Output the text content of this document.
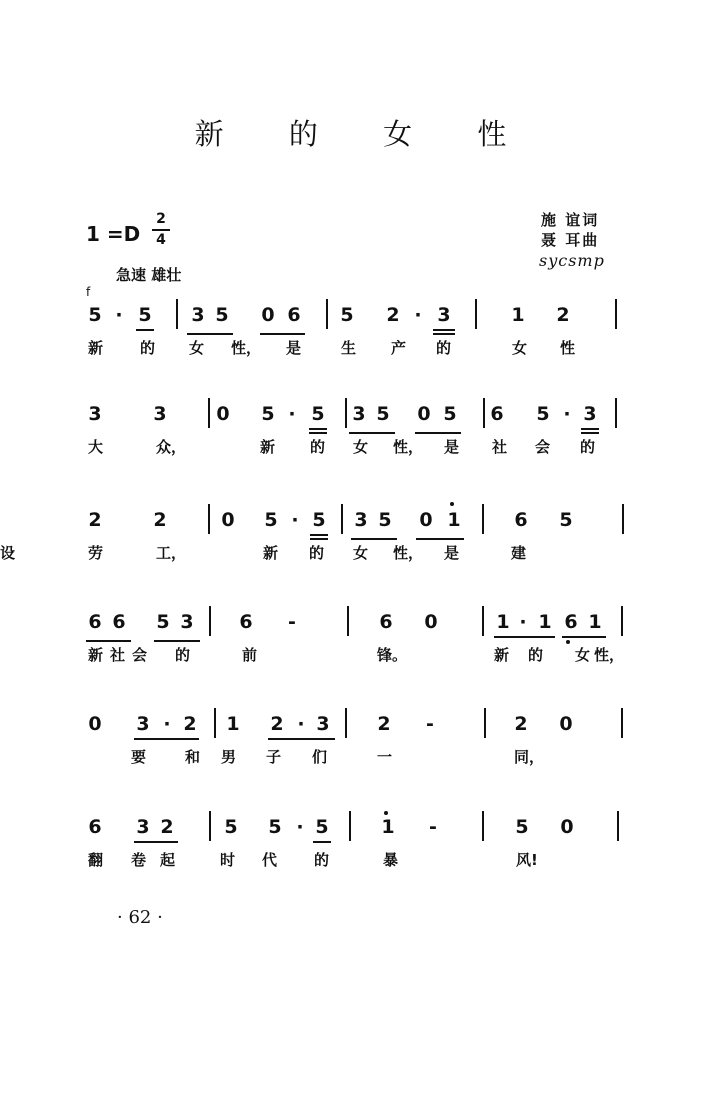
新 的 女 性
1 =D
2
4
施 谊词
聂 耳曲
sycsmp
急速 雄壮
f
5 · 5 3 5 0 6 5 2 · 3	1 2
新 的 女 性， 是	生 产 的	女 性
3	3	0 5 · 5 3 5 0 5 6 5 · 3
大	众，	新 的 女 性， 是 社 会 的
2	2	0 5 · 5 3 5 0 1	6 5
劳	工，	新 的 女 性， 是	建
设
6 6 5 3 6 -	6 0	1 · 1 6 1
新 社 会 的	前	锋。	新 的 女 性，
0 3 · 2 1 2 · 3	2 -	2 0
要	和 男 子 们	一	同，
6 3 2	5 5 · 5	1 -	5 0
翻 卷 起	时 代 的	暴	风!
· 62 ·
